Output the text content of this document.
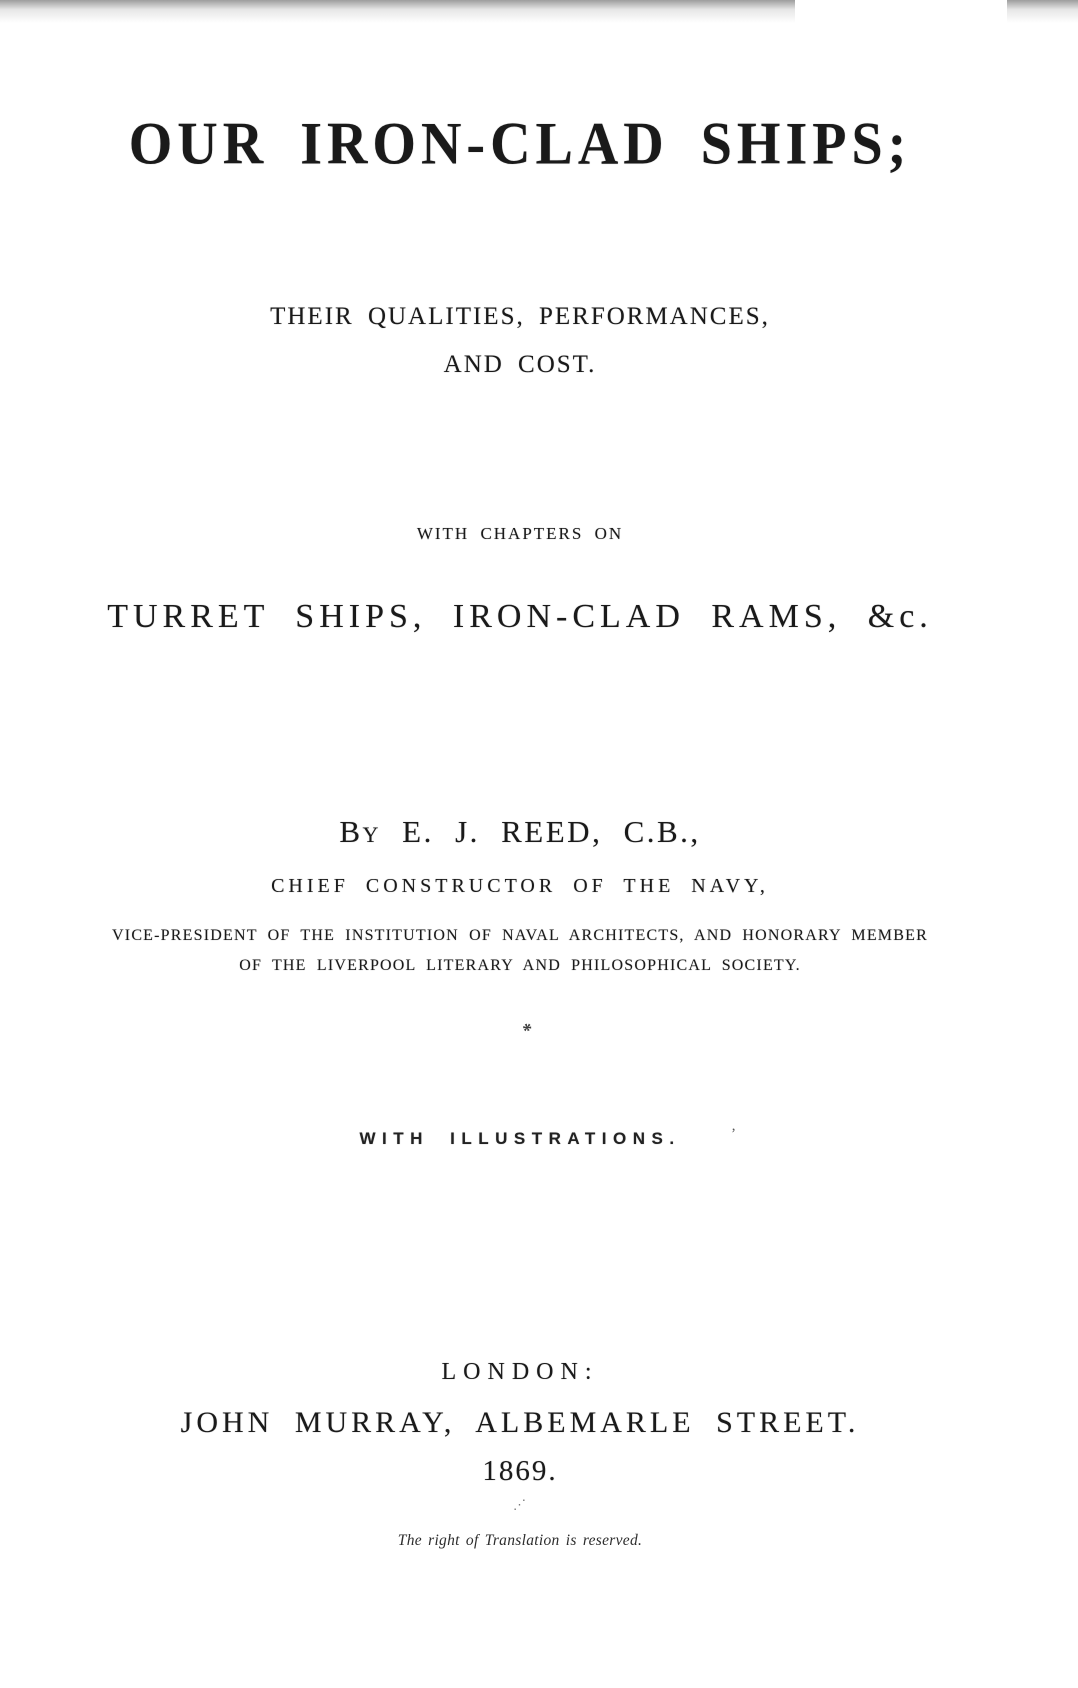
OUR IRON-CLAD SHIPS;
THEIR QUALITIES, PERFORMANCES,
AND COST.
WITH CHAPTERS ON
TURRET SHIPS, IRON-CLAD RAMS, &c.
By E. J. REED, C.B.,
CHIEF CONSTRUCTOR OF THE NAVY,
VICE-PRESIDENT OF THE INSTITUTION OF NAVAL ARCHITECTS, AND HONORARY MEMBER
OF THE LIVERPOOL LITERARY AND PHILOSOPHICAL SOCIETY.
*
WITH ILLUSTRATIONS.	’
LONDON:
JOHN MURRAY, ALBEMARLE STREET.
1869.
⋰
The right of Translation is reserved.
